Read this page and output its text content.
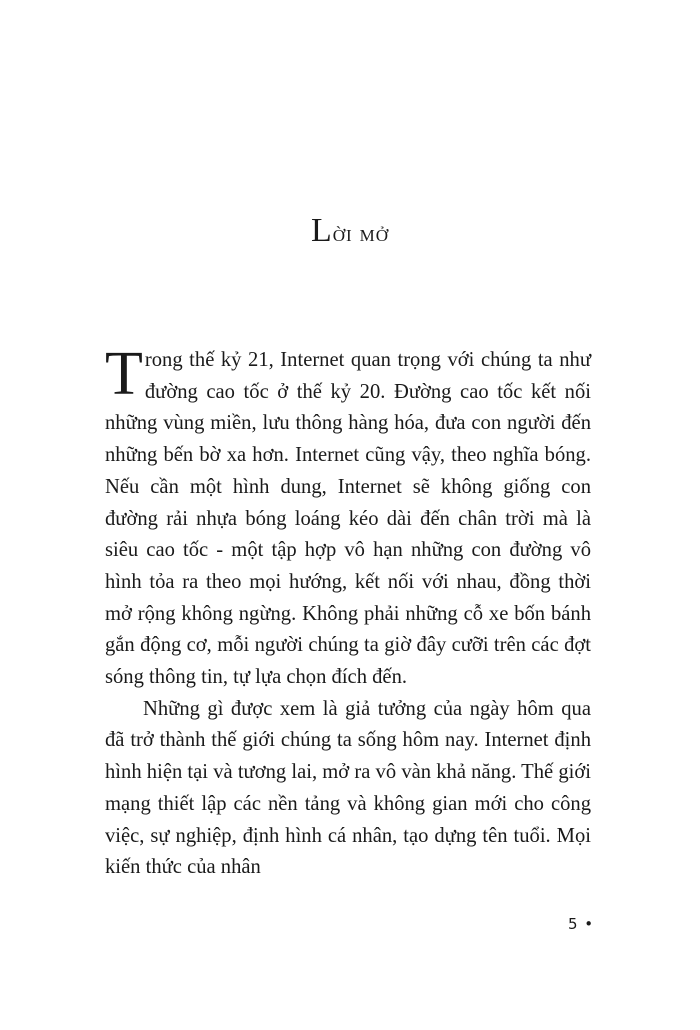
Lời mở

Trong thế kỷ 21, Internet quan trọng với chúng ta như đường cao tốc ở thế kỷ 20. Đường cao tốc kết nối những vùng miền, lưu thông hàng hóa, đưa con người đến những bến bờ xa hơn. Internet cũng vậy, theo nghĩa bóng. Nếu cần một hình dung, Internet sẽ không giống con đường rải nhựa bóng loáng kéo dài đến chân trời mà là siêu cao tốc - một tập hợp vô hạn những con đường vô hình tỏa ra theo mọi hướng, kết nối với nhau, đồng thời mở rộng không ngừng. Không phải những cỗ xe bốn bánh gắn động cơ, mỗi người chúng ta giờ đây cưỡi trên các đợt sóng thông tin, tự lựa chọn đích đến.

Những gì được xem là giả tưởng của ngày hôm qua đã trở thành thế giới chúng ta sống hôm nay. Internet định hình hiện tại và tương lai, mở ra vô vàn khả năng. Thế giới mạng thiết lập các nền tảng và không gian mới cho công việc, sự nghiệp, định hình cá nhân, tạo dựng tên tuổi. Mọi kiến thức của nhân

5 •
